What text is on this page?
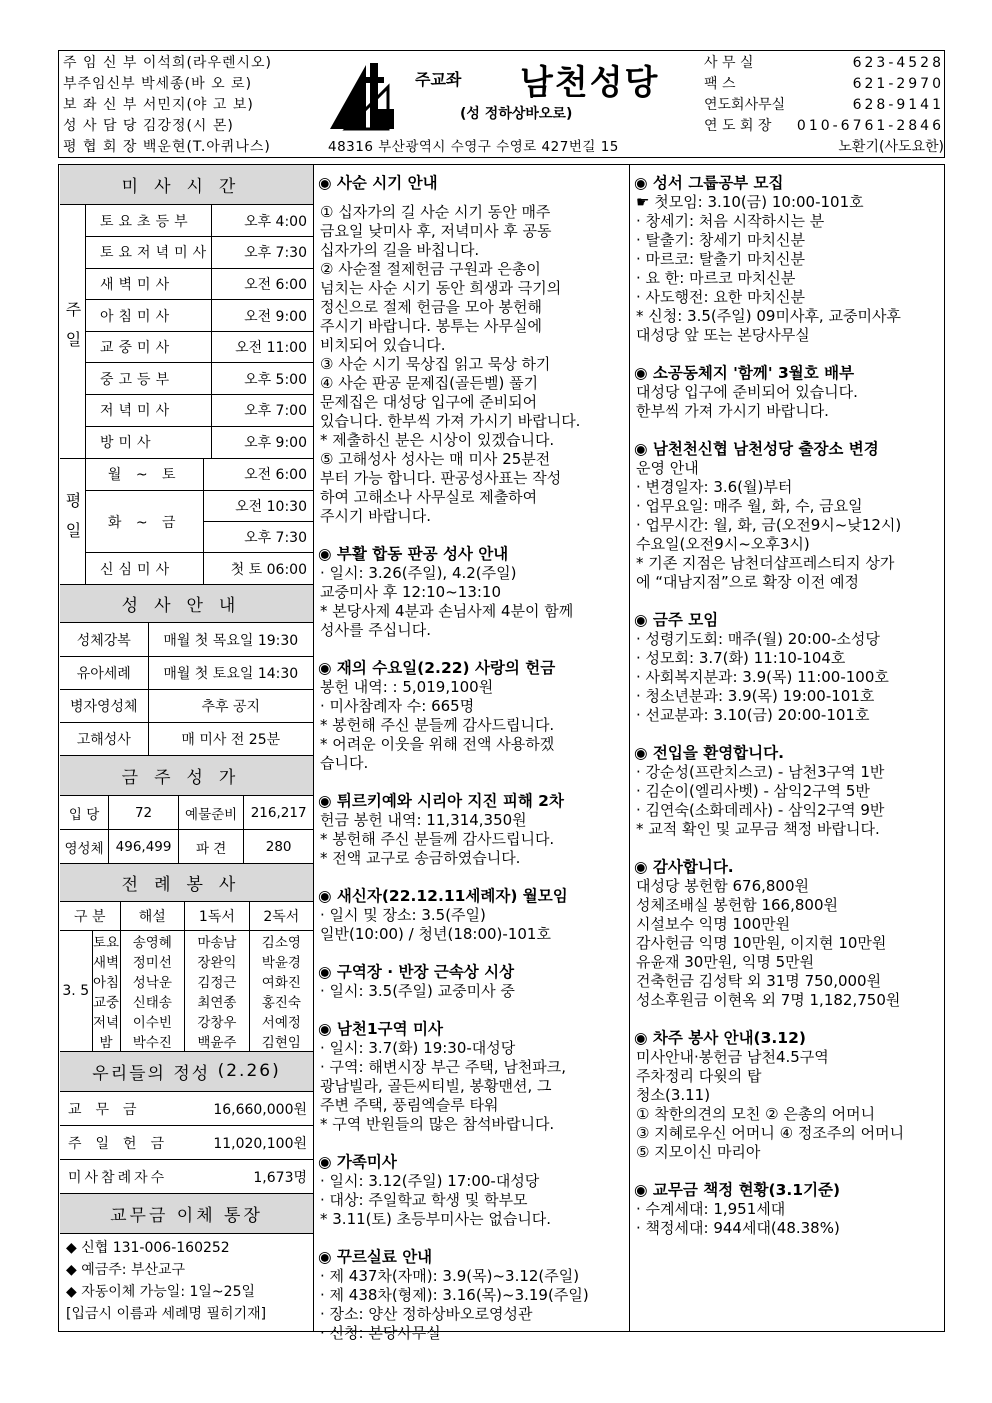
주 임 신 부 이석희(라우렌시오)
부주임신부 박세종(바 오 로)
보 좌 신 부 서민지(야 고 보)
성 사 담 당 김강정(시 몬)
평 협 회 장 백운현(T.아퀴나스)
주교좌 남천성당
(성 정하상바오로)
48316 부산광역시 수영구 수영로 427번길 15
사 무 실	623-4528
팩 스	621-2970
연도회사무실	628-9141
연 도 회 장 010-6761-2846
노환기(사도요한)
미사시간
주일
토요초등부	오후 4:00
토요저녁미사	오후 7:30
새벽미사	오전 6:00
아침미사	오전 9:00
교중미사	오전 11:00
중고등부	오후 5:00
저녁미사	오후 7:00
방미사	오후 9:00
평일
월 ~ 토	오전 6:00
화 ~ 금	오전 10:30
	오후 7:30
신심미사	첫 토 06:00
성사안내
성체강복	매월 첫 목요일 19:30
유아세례	매월 첫 토요일 14:30
병자영성체	추후 공지
고해성사	매 미사 전 25분
금주성가
입 당	72	예물준비	216,217
영성체	496,499	파 견	280
전례봉사
구 분		해설	1독서	2독서
3. 5	토요	송영혜	마송남	김소영
	새벽	정미선	장완익	박윤경
	아침	성낙운	김정근	여화진
	교중	신태송	최연종	홍진숙
	저녁	이수빈	강창우	서예정
	밤	박수진	백윤주	김현임
우리들의 정성
(2.26)
교무금	16,660,000원
주일헌금	11,020,100원
미사참례자수	1,673명
교무금 이체 통장
◆ 신협 131-006-160252
◆ 예금주: 부산교구
◆ 자동이체 가능일: 1일~25일
[입금시 이름과 세례명 필히기재]

◉ 사순 시기 안내

① 십자가의 길 사순 시기 동안 매주

금요일 낮미사 후, 저녁미사 후 공동

십자가의 길을 바칩니다.

② 사순절 절제헌금 구원과 은총이

넘치는 사순 시기 동안 희생과 극기의

정신으로 절제 헌금을 모아 봉헌해

주시기 바랍니다. 봉투는 사무실에

비치되어 있습니다.

③ 사순 시기 묵상집 읽고 묵상 하기

④ 사순 판공 문제집(골든벨) 풀기

문제집은 대성당 입구에 준비되어

있습니다. 한부씩 가져 가시기 바랍니다.

* 제출하신 분은 시상이 있겠습니다.

⑤ 고해성사 성사는 매 미사 25분전

부터 가능 합니다. 판공성사표는 작성

하여 고해소나 사무실로 제출하여

주시기 바랍니다.

◉ 부활 합동 판공 성사 안내

· 일시: 3.26(주일), 4.2(주일)

교중미사 후 12:10~13:10

* 본당사제 4분과 손님사제 4분이 함께

성사를 주십니다.

◉ 재의 수요일(2.22) 사랑의 헌금

봉헌 내역: : 5,019,100원

· 미사참례자 수: 665명

* 봉헌해 주신 분들께 감사드립니다.

* 어려운 이웃을 위해 전액 사용하겠

습니다.

◉ 튀르키예와 시리아 지진 피해 2차

헌금 봉헌 내역: 11,314,350원

* 봉헌해 주신 분들께 감사드립니다.

* 전액 교구로 송금하였습니다.

◉ 새신자(22.12.11세례자) 월모임

· 일시 및 장소: 3.5(주일)

일반(10:00) / 청년(18:00)-101호

◉ 구역장 · 반장 근속상 시상

· 일시: 3.5(주일) 교중미사 중

◉ 남천1구역 미사

· 일시: 3.7(화) 19:30-대성당

· 구역: 해변시장 부근 주택, 남천파크,

광남빌라, 골든씨티빌, 봉황맨션, 그

주변 주택, 풍림엑슬루 타워

* 구역 반원들의 많은 참석바랍니다.

◉ 가족미사

· 일시: 3.12(주일) 17:00-대성당

· 대상: 주일학교 학생 및 학부모

* 3.11(토) 초등부미사는 없습니다.

◉ 꾸르실료 안내

· 제 437차(자매): 3.9(목)~3.12(주일)

· 제 438차(형제): 3.16(목)~3.19(주일)

· 장소: 양산 정하상바오로영성관

· 신청: 본당사무실

◉ 성서 그룹공부 모집

☛ 첫모임: 3.10(금) 10:00-101호

· 창세기: 처음 시작하시는 분

· 탈출기: 창세기 마치신분

· 마르코: 탈출기 마치신분

· 요 한: 마르코 마치신분

· 사도행전: 요한 마치신분

* 신청: 3.5(주일) 09미사후, 교중미사후

대성당 앞 또는 본당사무실

◉ 소공동체지 '함께' 3월호 배부

대성당 입구에 준비되어 있습니다.

한부씩 가져 가시기 바랍니다.

◉ 남천천신협 남천성당 출장소 변경

운영 안내

· 변경일자: 3.6(월)부터

· 업무요일: 매주 월, 화, 수, 금요일

· 업무시간: 월, 화, 금(오전9시~낮12시)

수요일(오전9시~오후3시)

* 기존 지점은 남천더샵프레스티지 상가

에 “대남지점”으로 확장 이전 예정

◉ 금주 모임

· 성령기도회: 매주(월) 20:00-소성당

· 성모회: 3.7(화) 11:10-104호

· 사회복지분과: 3.9(목) 11:00-100호

· 청소년분과: 3.9(목) 19:00-101호

· 선교분과: 3.10(금) 20:00-101호

◉ 전입을 환영합니다.

· 강순성(프란치스코) - 남천3구역 1반

· 김순이(엘리사벳) - 삼익2구역 5반

· 김연숙(소화데레사) - 삼익2구역 9반

* 교적 확인 및 교무금 책정 바랍니다.

◉ 감사합니다.

대성당 봉헌함 676,800원

성체조배실 봉헌함 166,800원

시설보수 익명 100만원

감사헌금 익명 10만원, 이지현 10만원

유윤재 30만원, 익명 5만원

건축헌금 김성탁 외 31명 750,000원

성소후원금 이현옥 외 7명 1,182,750원

◉ 차주 봉사 안내(3.12)

미사안내·봉헌금 남천4.5구역

주차정리 다윗의 탑

청소(3.11)

① 착한의견의 모친 ② 은총의 어머니

③ 지혜로우신 어머니 ④ 정조주의 어머니

⑤ 지모이신 마리아

◉ 교무금 책정 현황(3.1기준)

· 수계세대: 1,951세대

· 책정세대: 944세대(48.38%)
